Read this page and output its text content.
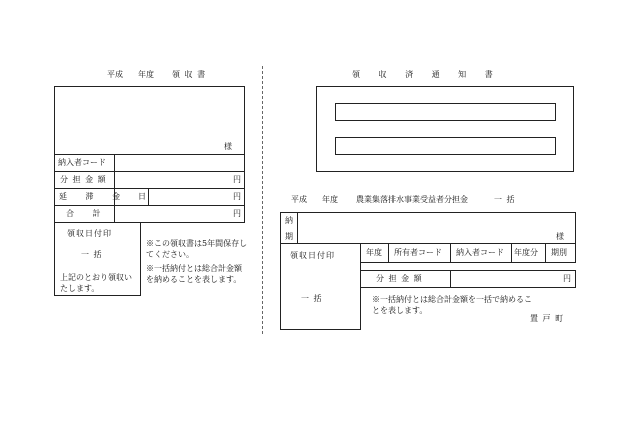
平成 年度 領 収 書
様
納入者コード
分 担 金 額	円
延 滞 金 日	円
合 計	円
領収日付印
一 括
上記のとおり領収いたします。
※この領収書は5年間保存してください。
※一括納付とは総合計金額を納めることを表します。
領 収 済 通 知 書
平成 年度 農業集落排水事業受益者分担金	一 括
納
期	様
領収日付印
一 括
年度 所有者コード 納入者コード 年度分 期別
分 担 金 額	円
※一括納付とは総合計金額を一括で納めることを表します。
置 戸 町
